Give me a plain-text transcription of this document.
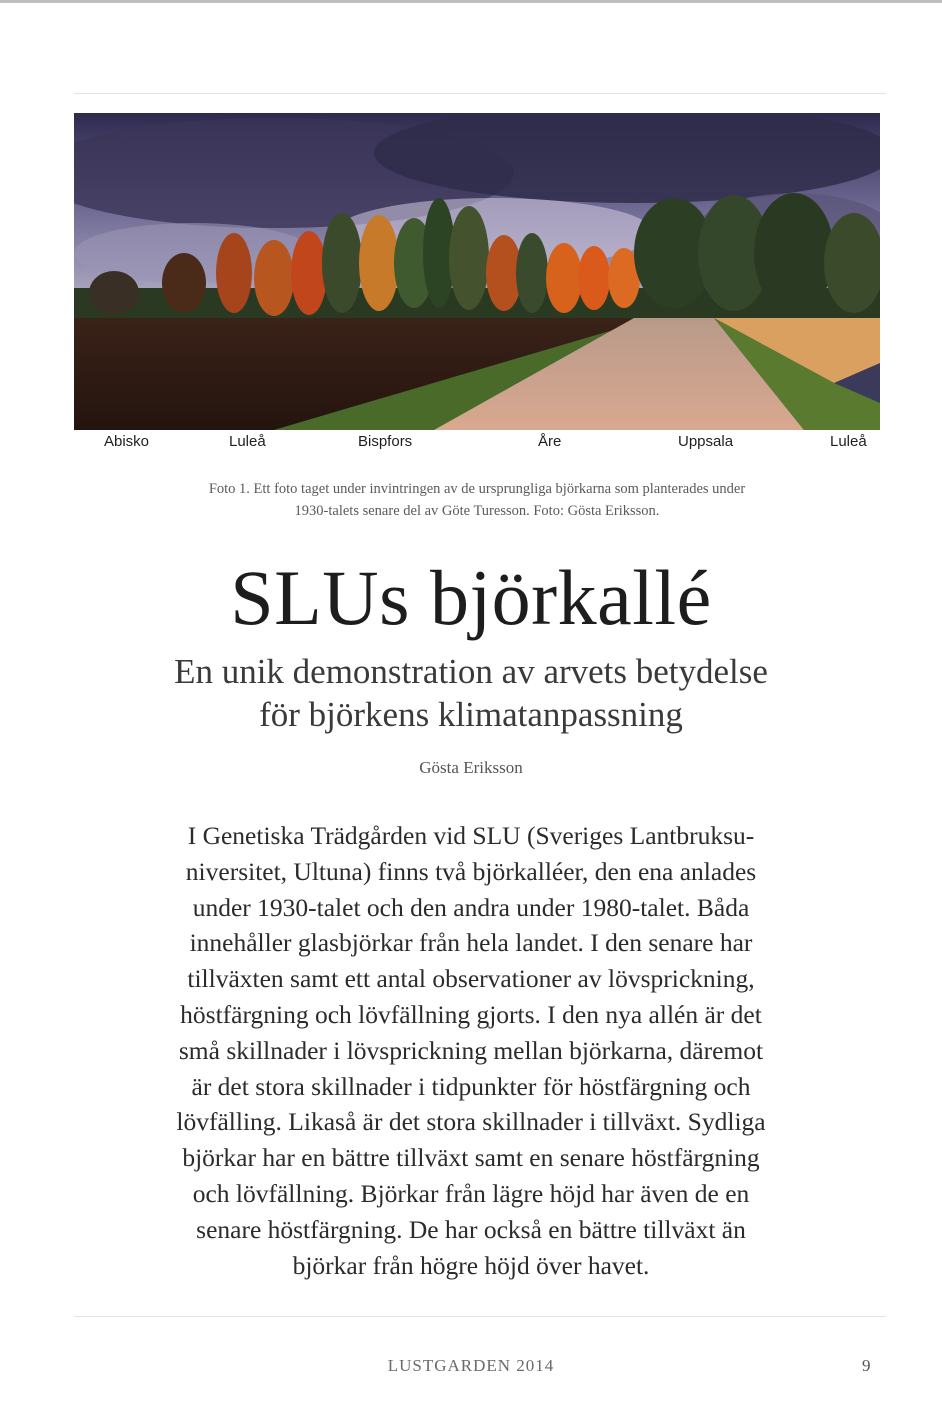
Abisko	Luleå	Bispfors	Åre	Uppsala	Luleå
Foto 1. Ett foto taget under invintringen av de ursprungliga björkarna som planterades under
1930-talets senare del av Göte Turesson. Foto: Gösta Eriksson.
SLUs björkallé
En unik demonstration av arvets betydelse
för björkens klimatanpassning
Gösta Eriksson
I Genetiska Trädgården vid SLU (Sveriges Lantbruksu-
niversitet, Ultuna) finns två björkalléer, den ena anlades
under 1930-talet och den andra under 1980-talet. Båda
innehåller glasbjörkar från hela landet. I den senare har
tillväxten samt ett antal observationer av lövsprickning,
höstfärgning och lövfällning gjorts. I den nya allén är det
små skillnader i lövsprickning mellan björkarna, däremot
är det stora skillnader i tidpunkter för höstfärgning och
lövfälling. Likaså är det stora skillnader i tillväxt. Sydliga
björkar har en bättre tillväxt samt en senare höstfärgning
och lövfällning. Björkar från lägre höjd har även de en
senare höstfärgning. De har också en bättre tillväxt än
björkar från högre höjd över havet.
LUSTGARDEN 2014	9
